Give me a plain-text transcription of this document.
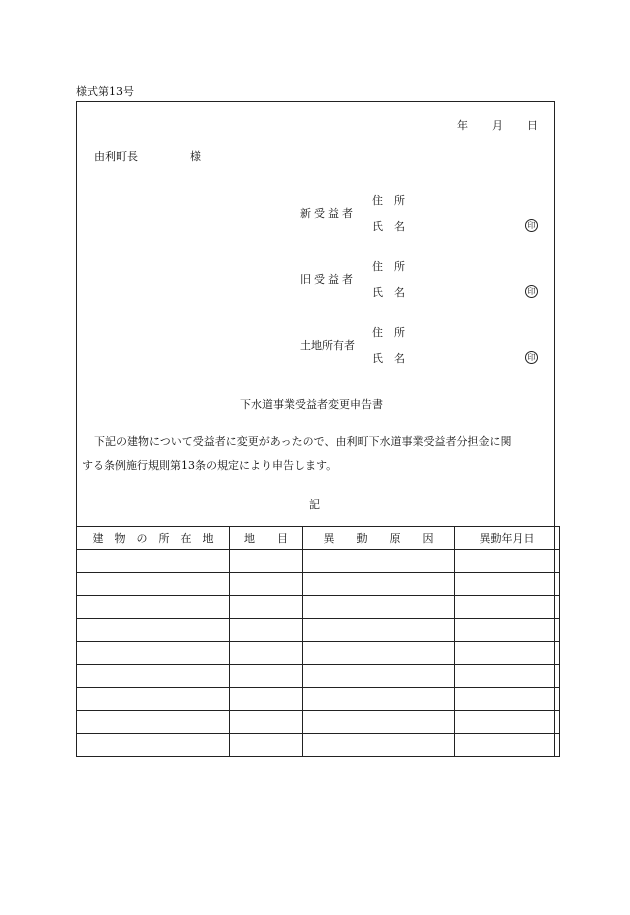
様式第13号
年 月 日
由利町長	様
新受益者
住　所
氏　名	印
旧受益者
住　所
氏　名	印
土地所有者
住　所
氏　名	印
下水道事業受益者変更申告書
下記の建物について受益者に変更があったので、由利町下水道事業受益者分担金に関
する条例施行規則第13条の規定により申告します。
記
建　物　の　所　在　地	地　　目	異　　動　　原　　因	異動年月日
